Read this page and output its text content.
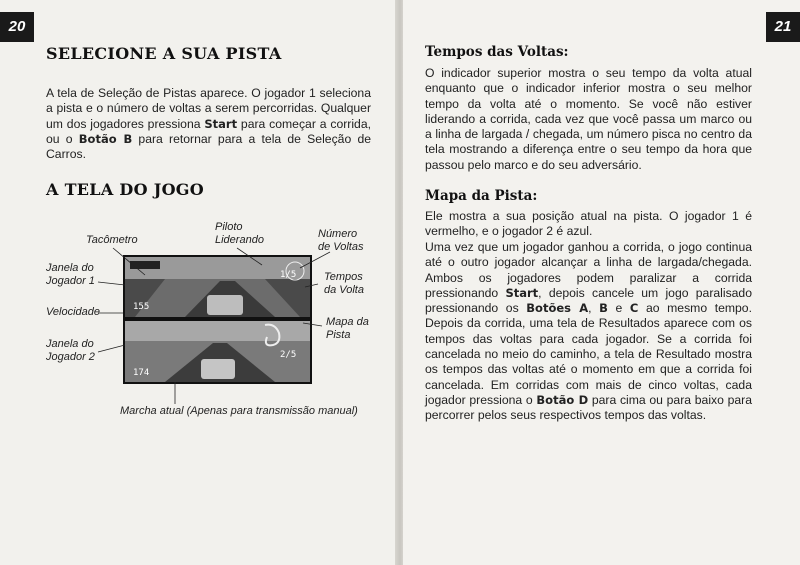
20
SELECIONE A SUA PISTA
A tela de Seleção de Pistas aparece. O jogador 1 seleciona a pista e o número de voltas a serem percorridas. Qualquer um dos jogadores pressiona Start para começar a corrida, ou o Botão B para retornar para a tela de Seleção de Carros.
A TELA DO JOGO
1/5
155
2/5
174
Tacômetro
Piloto
Liderando	Número
de Voltas
Janela do
Jogador 1	Tempos
da Volta
Velocidade
Mapa da
Pista
Janela do
Jogador 2
Marcha atual (Apenas para transmissão manual)
21
Tempos das Voltas:
O indicador superior mostra o seu tempo da volta atual enquanto que o indicador inferior mostra o seu melhor tempo da volta até o momento. Se você não estiver liderando a corrida, cada vez que você passa um marco ou a linha de largada / chegada, um número pisca no centro da tela mostrando a diferença entre o seu tempo da hora que passou pelo marco e do seu adversário.
Mapa da Pista:
Ele mostra a sua posição atual na pista. O jogador 1 é vermelho, e o jogador 2 é azul.
Uma vez que um jogador ganhou a corrida, o jogo continua até o outro jogador alcançar a linha de largada/chegada. Ambos os jogadores podem paralizar a corrida pressionando Start, depois cancele um jogo paralisado pressionando os Botões A, B e C ao mesmo tempo. Depois da corrida, uma tela de Resultados aparece com os tempos das voltas para cada jogador. Se a corrida foi cancelada no meio do caminho, a tela de Resultado mostra os tempos das voltas até o momento em que a corrida foi cancelada. Em corridas com mais de cinco voltas, cada jogador pressiona o Botão D para cima ou para baixo para percorrer pelos seus respectivos tempos das voltas.
